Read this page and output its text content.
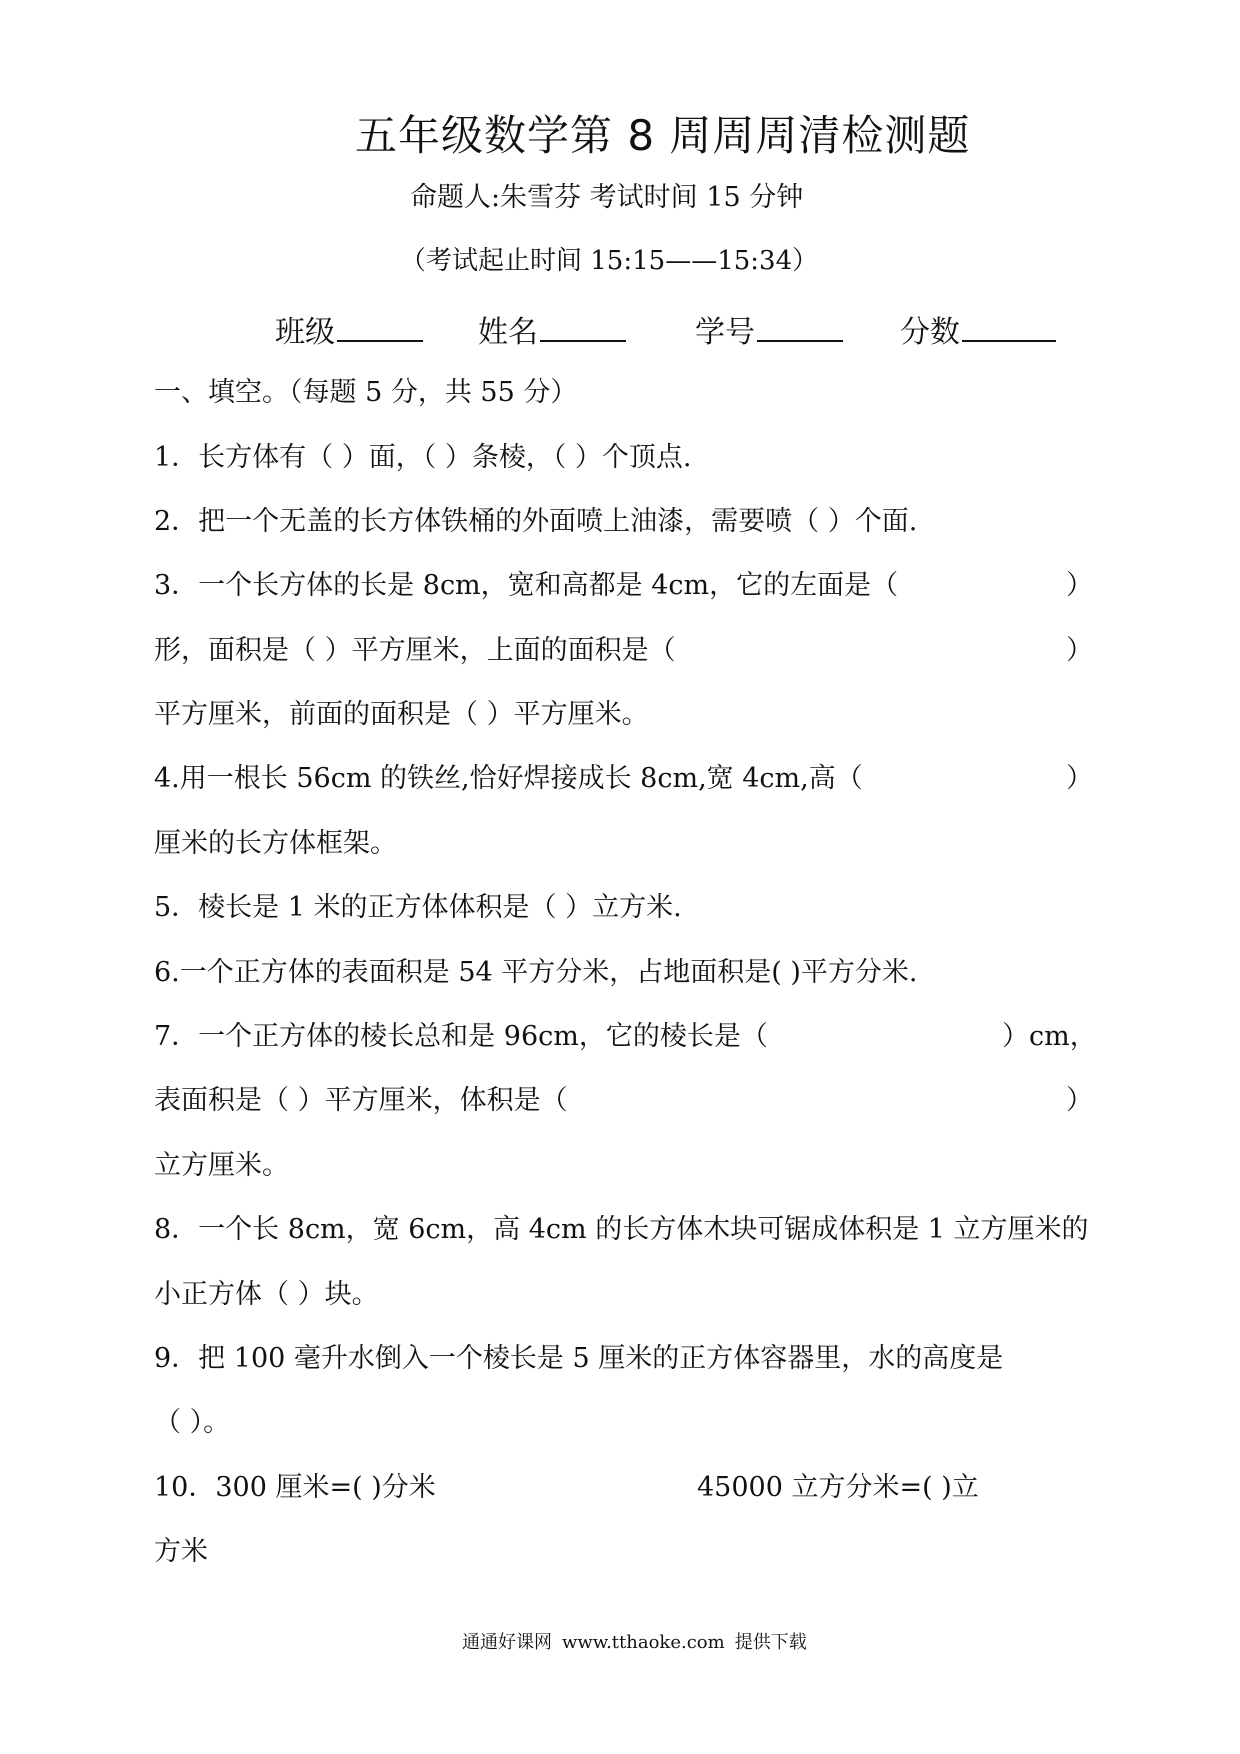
五年级数学第 8 周周周清检测题
命题人:朱雪芬 考试时间 15 分钟
（考试起止时间 15:15——15:34）
班级	姓名	学号	分数
一、填空。（每题 5 分，共 55 分）
1．长方体有（ ）面，（ ）条棱，（ ）个顶点.
2．把一个无盖的长方体铁桶的外面喷上油漆，需要喷（ ）个面.
3．一个长方体的长是 8cm，宽和高都是 4cm，它的左面是（	）
形，面积是（ ）平方厘米，上面的面积是（	）
平方厘米，前面的面积是（ ）平方厘米。
4.用一根长 56cm 的铁丝,恰好焊接成长 8cm,宽 4cm,高（	）
厘米的长方体框架。
5．棱长是 1 米的正方体体积是（ ）立方米.
6.一个正方体的表面积是 54 平方分米，占地面积是( )平方分米.
7．一个正方体的棱长总和是 96cm，它的棱长是（	）cm，
表面积是（ ）平方厘米，体积是（	）
立方厘米。
8．一个长 8cm，宽 6cm，高 4cm 的长方体木块可锯成体积是 1 立方厘米的
小正方体（ ）块。
9．把 100 毫升水倒入一个棱长是 5 厘米的正方体容器里，水的高度是
（ ）。
10．300 厘米=( )分米	45000 立方分米=( )立
方米
通通好课网 www.tthaoke.com 提供下载
